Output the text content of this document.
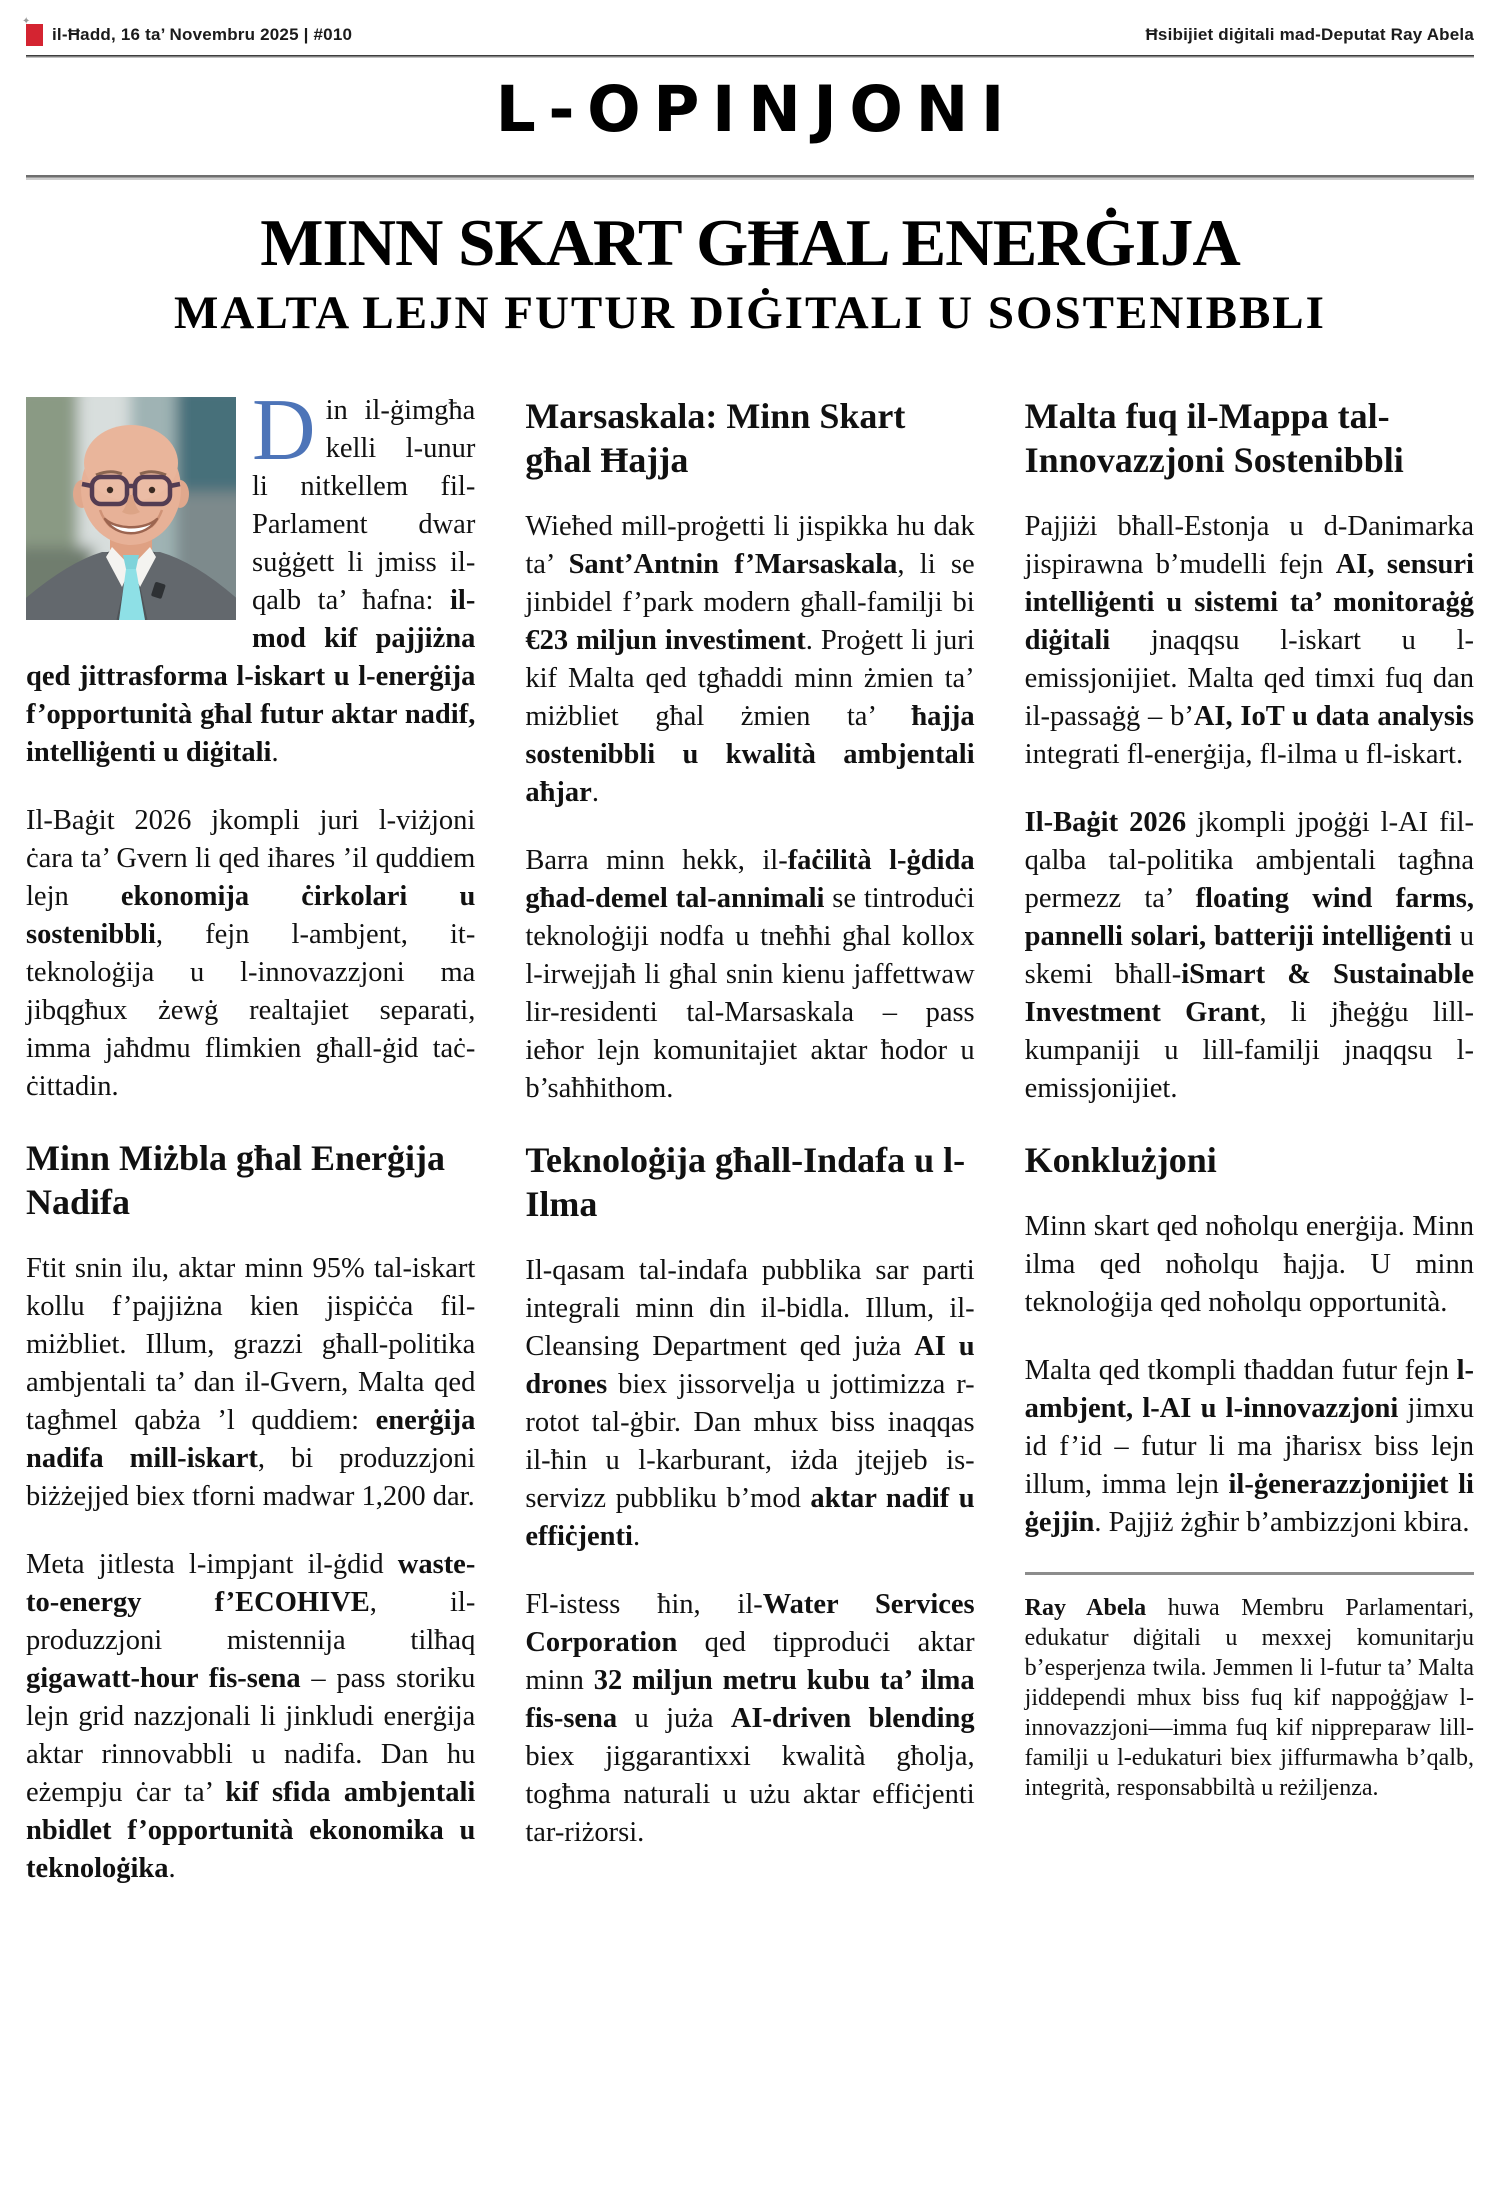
✦
il-Ħadd, 16 ta’ Novembru 2025 | #010	Ħsibijiet diġitali mad-Deputat Ray Abela
L-OPINJONI
MINN SKART GĦAL ENERĠIJA
MALTA LEJN FUTUR DIĠITALI U SOSTENIBBLI

Din il-ġimgħa kelli l-unur li nitkellem fil-Parlament dwar suġġett li jmiss il-qalb ta’ ħafna: il-mod kif pajjiżna qed jittrasforma l-iskart u l-enerġija f’opportunità għal futur aktar nadif, intelliġenti u diġitali.

Il-Baġit 2026 jkompli juri l-viżjoni ċara ta’ Gvern li qed iħares ’il quddiem lejn ekonomija ċirkolari u sostenibbli, fejn l-ambjent, it-teknoloġija u l-innovazzjoni ma jibqgħux żewġ realtajiet separati, imma jaħdmu flimkien għall-ġid taċ-ċittadin.

Minn Miżbla għal Enerġija Nadifa

Ftit snin ilu, aktar minn 95% tal-iskart kollu f’pajjiżna kien jispiċċa fil-miżbliet. Illum, grazzi għall-politika ambjentali ta’ dan il-Gvern, Malta qed tagħmel qabża ’l quddiem: enerġija nadifa mill-iskart, bi produzzjoni biżżejjed biex tforni madwar 1,200 dar.

Meta jitlesta l-impjant il-ġdid waste-to-energy f’ECOHIVE, il-produzzjoni mistennija tilħaq gigawatt-hour fis-sena – pass storiku lejn grid nazzjonali li jinkludi enerġija aktar rinnovabbli u nadifa. Dan hu eżempju ċar ta’ kif sfida ambjentali nbidlet f’opportunità ekonomika u teknoloġika.

Marsaskala: Minn Skart għal Ħajja

Wieħed mill-proġetti li jispikka hu dak ta’ Sant’Antnin f’Marsaskala, li se jinbidel f’park modern għall-familji bi €23 miljun investiment. Proġett li juri kif Malta qed tgħaddi minn żmien ta’ miżbliet għal żmien ta’ ħajja sostenibbli u kwalità ambjentali aħjar.

Barra minn hekk, il-faċilità l-ġdida għad-demel tal-annimali se tintroduċi teknoloġiji nodfa u tneħħi għal kollox l-irwejjaħ li għal snin kienu jaffettwaw lir-residenti tal-Marsaskala – pass ieħor lejn komunitajiet aktar ħodor u b’saħħithom.

Teknoloġija għall-Indafa u l-Ilma

Il-qasam tal-indafa pubblika sar parti integrali minn din il-bidla. Illum, il-Cleansing Department qed juża AI u drones biex jissorvelja u jottimizza r-rotot tal-ġbir. Dan mhux biss inaqqas il-ħin u l-karburant, iżda jtejjeb is-servizz pubbliku b’mod aktar nadif u effiċjenti.

Fl-istess ħin, il-Water Services Corporation qed tipproduċi aktar minn 32 miljun metru kubu ta’ ilma fis-sena u juża AI-driven blending biex jiggarantixxi kwalità għolja, togħma naturali u użu aktar effiċjenti tar-riżorsi.

Malta fuq il-Mappa tal-Innovazzjoni Sostenibbli

Pajjiżi bħall-Estonja u d-Danimarka jispirawna b’mudelli fejn AI, sensuri intelliġenti u sistemi ta’ monitoraġġ diġitali jnaqqsu l-iskart u l-emissjonijiet. Malta qed timxi fuq dan il-passaġġ – b’AI, IoT u data analysis integrati fl-enerġija, fl-ilma u fl-iskart.

Il-Baġit 2026 jkompli jpoġġi l-AI fil-qalba tal-politika ambjentali tagħna permezz ta’ floating wind farms, pannelli solari, batteriji intelliġenti u skemi bħall-iSmart & Sustainable Investment Grant, li jħeġġu lill-kumpaniji u lill-familji jnaqqsu l-emissjonijiet.

Konklużjoni

Minn skart qed noħolqu enerġija. Minn ilma qed noħolqu ħajja. U minn teknoloġija qed noħolqu opportunità.

Malta qed tkompli tħaddan futur fejn l-ambjent, l-AI u l-innovazzjoni jimxu id f’id – futur li ma jħarisx biss lejn illum, imma lejn il-ġenerazzjonijiet li ġejjin. Pajjiż żgħir b’ambizzjoni kbira.

Ray Abela huwa Membru Parlamentari, edukatur diġitali u mexxej komunitarju b’esperjenza twila. Jemmen li l-futur ta’ Malta jiddependi mhux biss fuq kif nappoġġjaw l-innovazzjoni—imma fuq kif nippreparaw lill-familji u l-edukaturi biex jiffurmawha b’qalb, integrità, responsabbiltà u reżiljenza.
